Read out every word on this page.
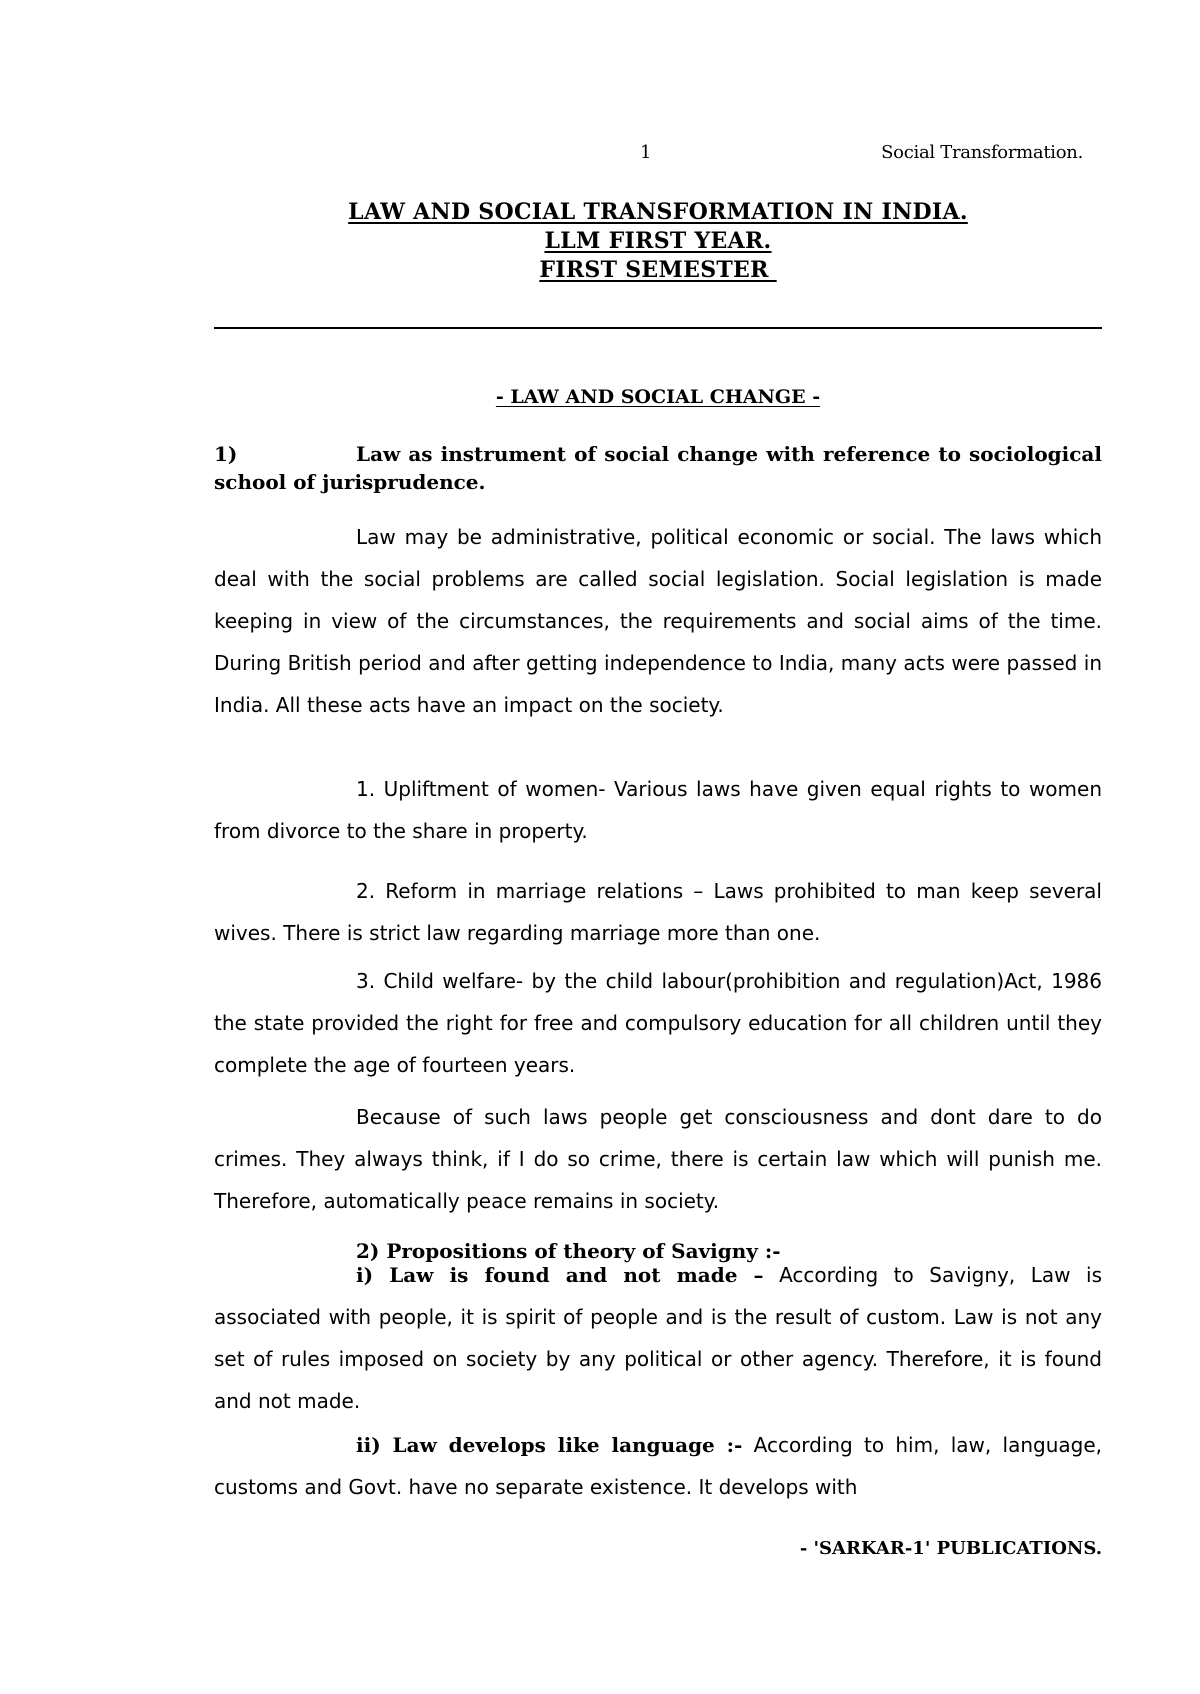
1	Social Transformation.
LAW AND SOCIAL TRANSFORMATION IN INDIA.
LLM FIRST YEAR.
FIRST SEMESTER
- LAW AND SOCIAL CHANGE -
1)	Law as instrument of social change with reference to sociological school of jurisprudence.
Law may be administrative, political economic or social. The laws which deal with the social problems are called social legislation. Social legislation is made keeping in view of the circumstances, the requirements and social aims of the time. During British period and after getting independence to India, many acts were passed in India. All these acts have an impact on the society.
1. Upliftment of women- Various laws have given equal rights to women from divorce to the share in property.
2. Reform in marriage relations – Laws prohibited to man keep several wives. There is strict law regarding marriage more than one.
3. Child welfare- by the child labour(prohibition and regulation)Act, 1986 the state provided the right for free and compulsory education for all children until they complete the age of fourteen years.
Because of such laws people get consciousness and dont dare to do crimes. They always think, if I do so crime, there is certain law which will punish me. Therefore, automatically peace remains in society.
2) Propositions of theory of Savigny :-
i) Law is found and not made – According to Savigny, Law is associated with people, it is spirit of people and is the result of custom. Law is not any set of rules imposed on society by any political or other agency. Therefore, it is found and not made.
ii) Law develops like language :- According to him, law, language, customs and Govt. have no separate existence. It develops with
- 'SARKAR-1' PUBLICATIONS.
